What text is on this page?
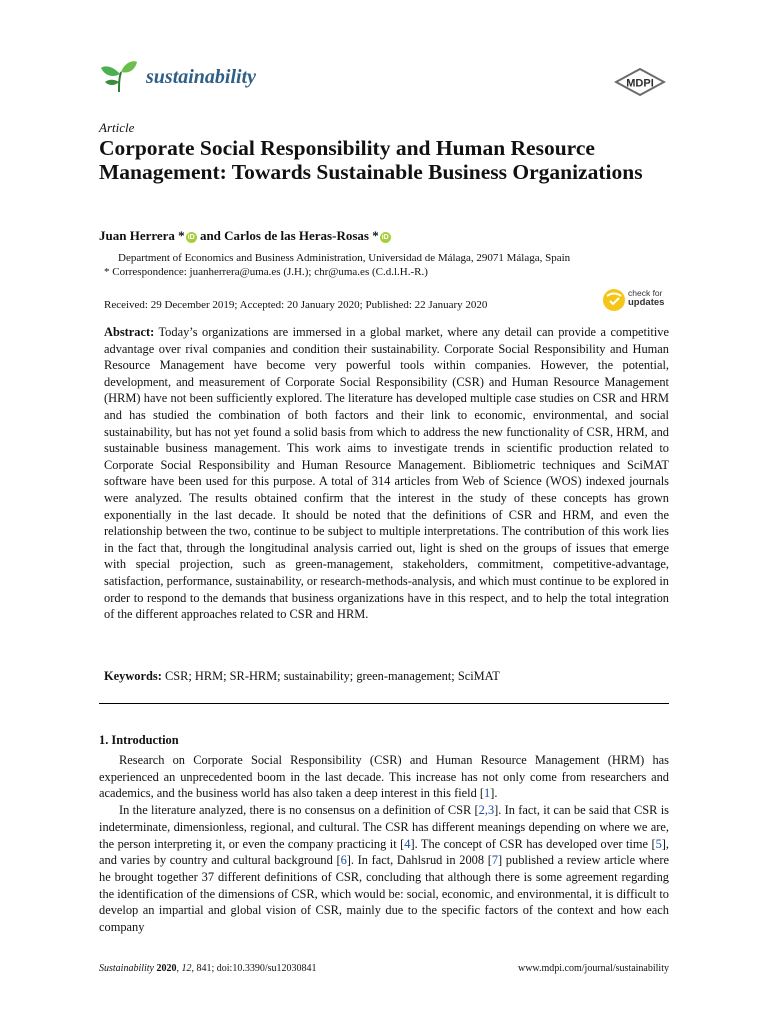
sustainability	MDPI
Article
Corporate Social Responsibility and Human Resource Management: Towards Sustainable Business Organizations
Juan Herrera * iD and Carlos de las Heras-Rosas * iD
Department of Economics and Business Administration, Universidad de Málaga, 29071 Málaga, Spain
* Correspondence: juanherrera@uma.es (J.H.); chr@uma.es (C.d.l.H.-R.)
Received: 29 December 2019; Accepted: 20 January 2020; Published: 22 January 2020
check for
updates
Abstract: Today’s organizations are immersed in a global market, where any detail can provide a competitive advantage over rival companies and condition their sustainability. Corporate Social Responsibility and Human Resource Management have become very powerful tools within companies. However, the potential, development, and measurement of Corporate Social Responsibility (CSR) and Human Resource Management (HRM) have not been sufficiently explored. The literature has developed multiple case studies on CSR and HRM and has studied the combination of both factors and their link to economic, environmental, and social sustainability, but has not yet found a solid basis from which to address the new functionality of CSR, HRM, and sustainable business management. This work aims to investigate trends in scientific production related to Corporate Social Responsibility and Human Resource Management. Bibliometric techniques and SciMAT software have been used for this purpose. A total of 314 articles from Web of Science (WOS) indexed journals were analyzed. The results obtained confirm that the interest in the study of these concepts has grown exponentially in the last decade. It should be noted that the definitions of CSR and HRM, and even the relationship between the two, continue to be subject to multiple interpretations. The contribution of this work lies in the fact that, through the longitudinal analysis carried out, light is shed on the groups of issues that emerge with special projection, such as green-management, stakeholders, commitment, competitive-advantage, satisfaction, performance, sustainability, or research-methods-analysis, and which must continue to be explored in order to respond to the demands that business organizations have in this respect, and to help the total integration of the different approaches related to CSR and HRM.
Keywords: CSR; HRM; SR-HRM; sustainability; green-management; SciMAT
1. Introduction

Research on Corporate Social Responsibility (CSR) and Human Resource Management (HRM) has experienced an unprecedented boom in the last decade. This increase has not only come from researchers and academics, and the business world has also taken a deep interest in this field [1].

In the literature analyzed, there is no consensus on a definition of CSR [2,3]. In fact, it can be said that CSR is indeterminate, dimensionless, regional, and cultural. The CSR has different meanings depending on where we are, the person interpreting it, or even the company practicing it [4]. The concept of CSR has developed over time [5], and varies by country and cultural background [6]. In fact, Dahlsrud in 2008 [7] published a review article where he brought together 37 different definitions of CSR, concluding that although there is some agreement regarding the identification of the dimensions of CSR, which would be: social, economic, and environmental, it is difficult to develop an impartial and global vision of CSR, mainly due to the specific factors of the context and how each company

Sustainability 2020, 12, 841; doi:10.3390/su12030841	www.mdpi.com/journal/sustainability
